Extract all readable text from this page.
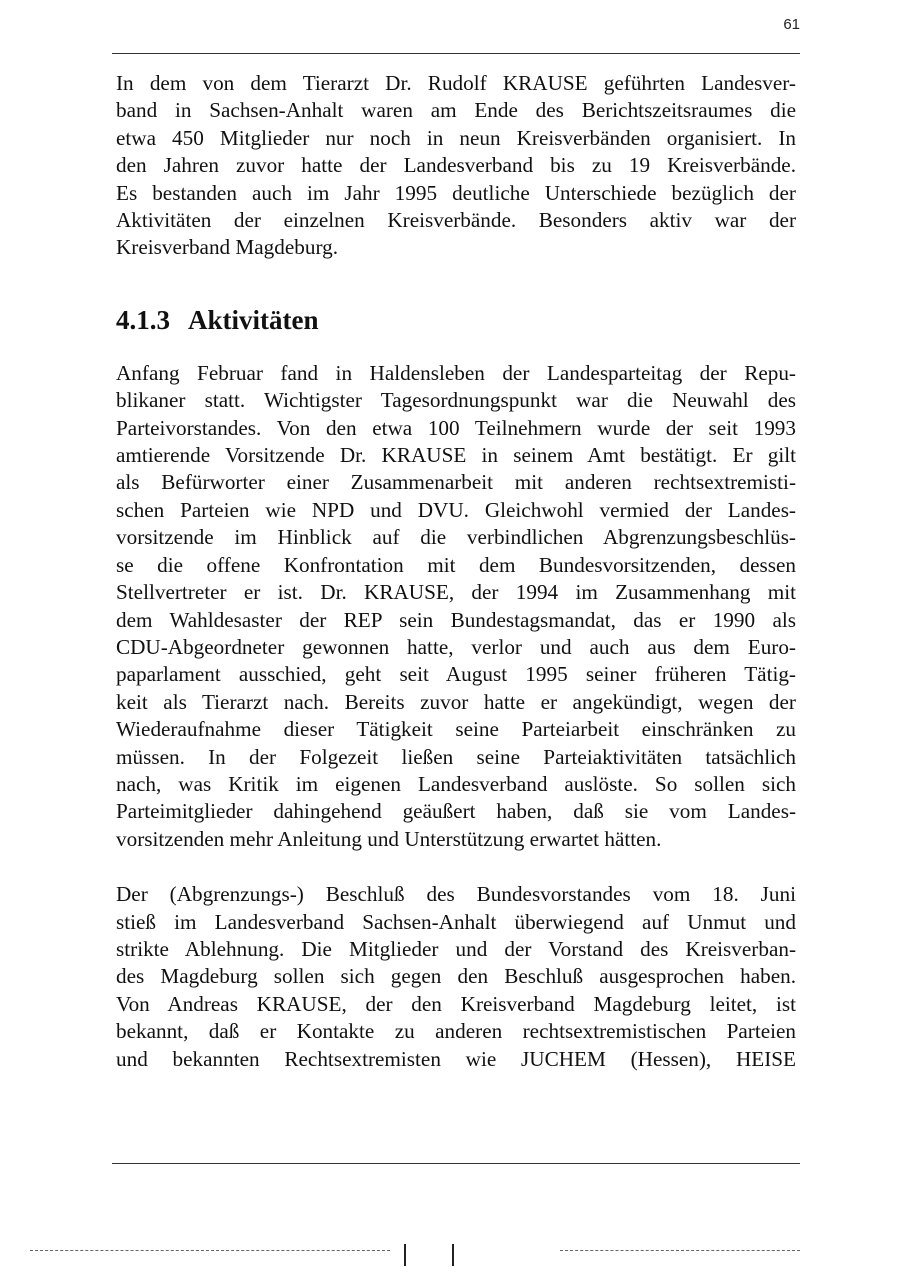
61

In dem von dem Tierarzt Dr. Rudolf KRAUSE geführten Landesver-
band in Sachsen-Anhalt waren am Ende des Berichtszeitsraumes die
etwa 450 Mitglieder nur noch in neun Kreisverbänden organisiert. In
den Jahren zuvor hatte der Landesverband bis zu 19 Kreisverbände.
Es bestanden auch im Jahr 1995 deutliche Unterschiede bezüglich der
Aktivitäten der einzelnen Kreisverbände. Besonders aktiv war der
Kreisverband Magdeburg.

4.1.3 Aktivitäten

Anfang Februar fand in Haldensleben der Landesparteitag der Repu-
blikaner statt. Wichtigster Tagesordnungspunkt war die Neuwahl des
Parteivorstandes. Von den etwa 100 Teilnehmern wurde der seit 1993
amtierende Vorsitzende Dr. KRAUSE in seinem Amt bestätigt. Er gilt
als Befürworter einer Zusammenarbeit mit anderen rechtsextremisti-
schen Parteien wie NPD und DVU. Gleichwohl vermied der Landes-
vorsitzende im Hinblick auf die verbindlichen Abgrenzungsbeschlüs-
se die offene Konfrontation mit dem Bundesvorsitzenden, dessen
Stellvertreter er ist. Dr. KRAUSE, der 1994 im Zusammenhang mit
dem Wahldesaster der REP sein Bundestagsmandat, das er 1990 als
CDU-Abgeordneter gewonnen hatte, verlor und auch aus dem Euro-
paparlament ausschied, geht seit August 1995 seiner früheren Tätig-
keit als Tierarzt nach. Bereits zuvor hatte er angekündigt, wegen der
Wiederaufnahme dieser Tätigkeit seine Parteiarbeit einschränken zu
müssen. In der Folgezeit ließen seine Parteiaktivitäten tatsächlich
nach, was Kritik im eigenen Landesverband auslöste. So sollen sich
Parteimitglieder dahingehend geäußert haben, daß sie vom Landes-
vorsitzenden mehr Anleitung und Unterstützung erwartet hätten.

Der (Abgrenzungs-) Beschluß des Bundesvorstandes vom 18. Juni
stieß im Landesverband Sachsen-Anhalt überwiegend auf Unmut und
strikte Ablehnung. Die Mitglieder und der Vorstand des Kreisverban-
des Magdeburg sollen sich gegen den Beschluß ausgesprochen haben.
Von Andreas KRAUSE, der den Kreisverband Magdeburg leitet, ist
bekannt, daß er Kontakte zu anderen rechtsextremistischen Parteien
und bekannten Rechtsextremisten wie JUCHEM (Hessen), HEISE
